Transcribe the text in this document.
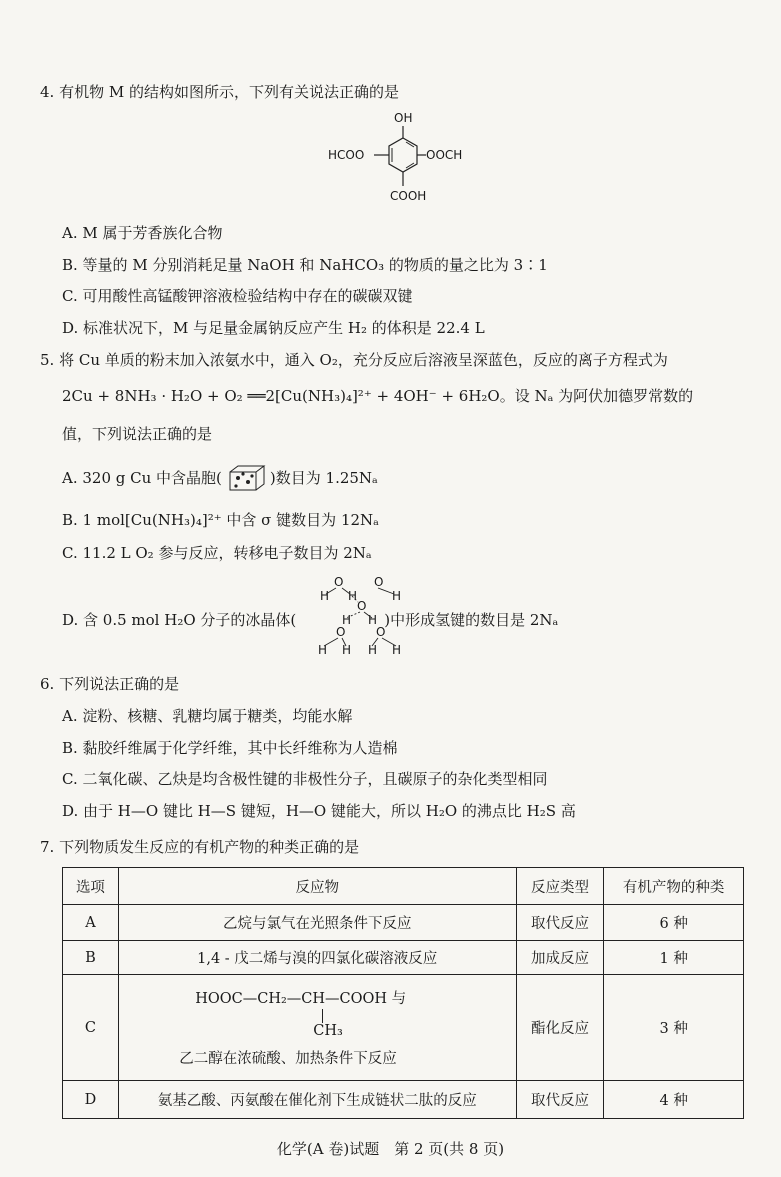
4. 有机物 M 的结构如图所示，下列有关说法正确的是
OH
HCOO	OOCH
COOH
A. M 属于芳香族化合物
B. 等量的 M 分别消耗足量 NaOH 和 NaHCO₃ 的物质的量之比为 3∶1
C. 可用酸性高锰酸钾溶液检验结构中存在的碳碳双键
D. 标准状况下，M 与足量金属钠反应产生 H₂ 的体积是 22.4 L
5. 将 Cu 单质的粉末加入浓氨水中，通入 O₂，充分反应后溶液呈深蓝色，反应的离子方程式为
2Cu + 8NH₃ · H₂O + O₂ ══2[Cu(NH₃)₄]²⁺ + 4OH⁻ + 6H₂O。设 Nₐ 为阿伏加德罗常数的
值，下列说法正确的是
A. 320 g Cu 中含晶胞(	)数目为 1.25Nₐ
B. 1 mol[Cu(NH₃)₄]²⁺ 中含 σ 键数目为 12Nₐ
C. 11.2 L O₂ 参与反应，转移电子数目为 2Nₐ
D. 含 0.5 mol H₂O 分子的冰晶体(	)中形成氢键的数目是 2Nₐ
O	O
H H	H
O
H H
O	O
H H H H
6. 下列说法正确的是
A. 淀粉、核糖、乳糖均属于糖类，均能水解
B. 黏胶纤维属于化学纤维，其中长纤维称为人造棉
C. 二氧化碳、乙炔是均含极性键的非极性分子，且碳原子的杂化类型相同
D. 由于 H—O 键比 H—S 键短，H—O 键能大，所以 H₂O 的沸点比 H₂S 高
7. 下列物质发生反应的有机产物的种类正确的是
选项	反应物	反应类型	有机产物的种类
A	乙烷与氯气在光照条件下反应	取代反应	6 种
B	1,4 - 戊二烯与溴的四氯化碳溶液反应	加成反应	1 种
C	HOOC—CH₂—CH—COOH 与
CH₃
乙二醇在浓硫酸、加热条件下反应	酯化反应	3 种
D	氨基乙酸、丙氨酸在催化剂下生成链状二肽的反应	取代反应	4 种
化学(A 卷)试题　第 2 页(共 8 页)
